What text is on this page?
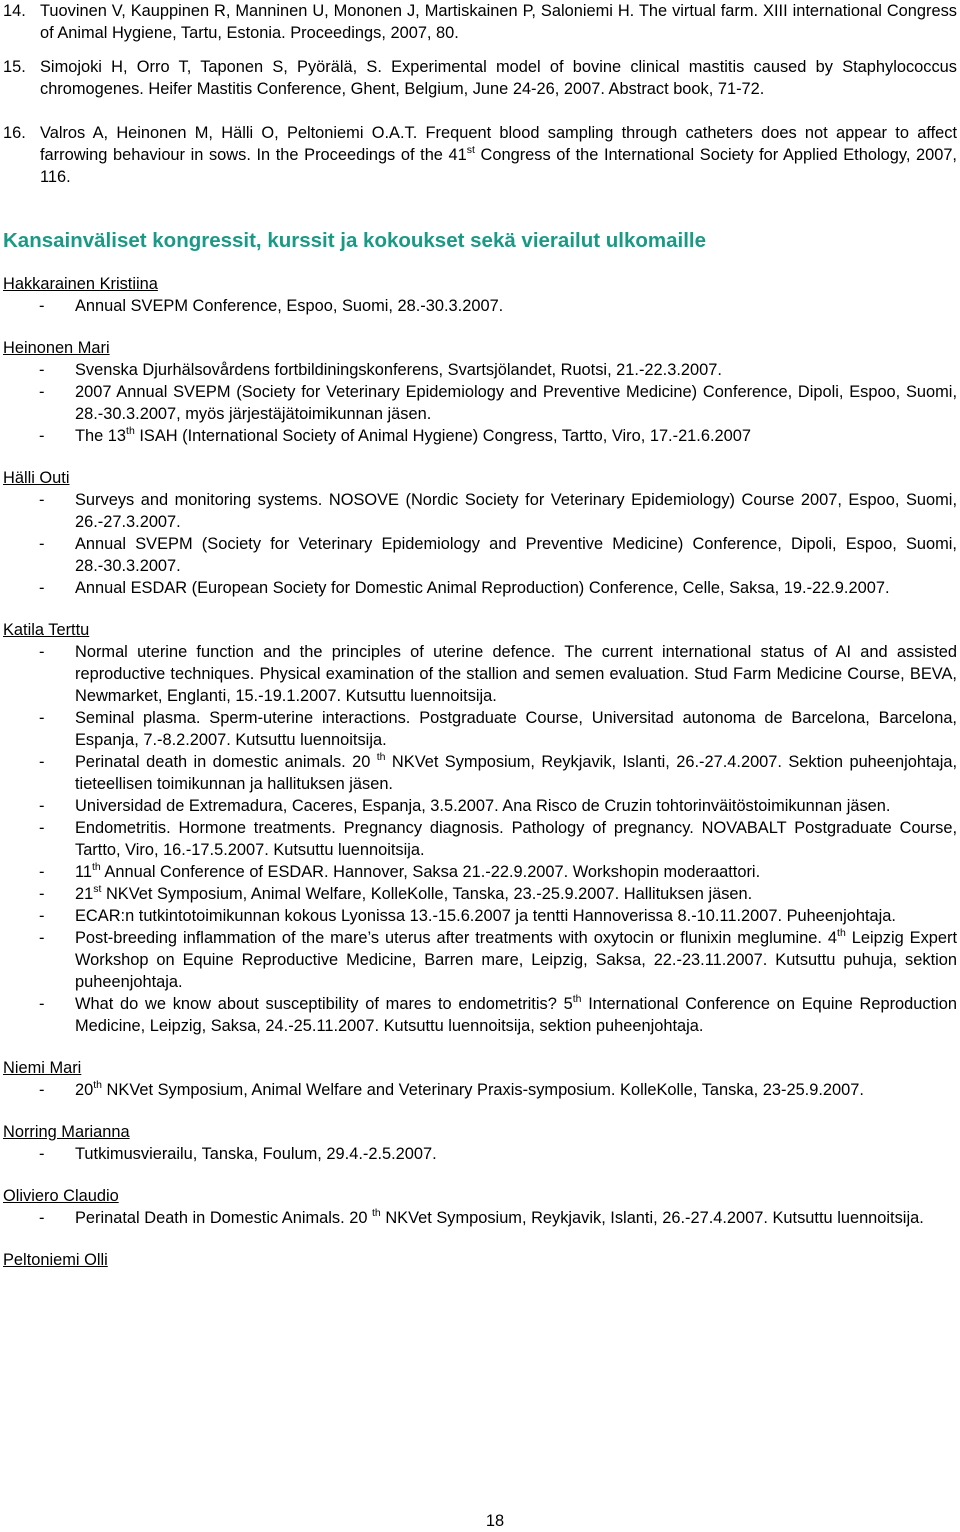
14. Tuovinen V, Kauppinen R, Manninen U, Mononen J, Martiskainen P, Saloniemi H. The virtual farm. XIII international Congress of Animal Hygiene, Tartu, Estonia. Proceedings, 2007, 80.
15. Simojoki H, Orro T, Taponen S, Pyörälä, S. Experimental model of bovine clinical mastitis caused by Staphylococcus chromogenes. Heifer Mastitis Conference, Ghent, Belgium, June 24-26, 2007. Abstract book, 71-72.
16. Valros A, Heinonen M, Hälli O, Peltoniemi O.A.T. Frequent blood sampling through catheters does not appear to affect farrowing behaviour in sows. In the Proceedings of the 41st Congress of the International Society for Applied Ethology, 2007, 116.
Kansainväliset kongressit, kurssit ja kokoukset sekä vierailut ulkomaille
Hakkarainen Kristiina
- Annual SVEPM Conference, Espoo, Suomi, 28.-30.3.2007.
Heinonen Mari
- Svenska Djurhälsovårdens fortbildiningskonferens, Svartsjölandet, Ruotsi, 21.-22.3.2007.
- 2007 Annual SVEPM (Society for Veterinary Epidemiology and Preventive Medicine) Conference, Dipoli, Espoo, Suomi, 28.-30.3.2007, myös järjestäjätoimikunnan jäsen.
- The 13th ISAH (International Society of Animal Hygiene) Congress, Tartto, Viro, 17.-21.6.2007
Hälli Outi
- Surveys and monitoring systems. NOSOVE (Nordic Society for Veterinary Epidemiology) Course 2007, Espoo, Suomi, 26.-27.3.2007.
- Annual SVEPM (Society for Veterinary Epidemiology and Preventive Medicine) Conference, Dipoli, Espoo, Suomi, 28.-30.3.2007.
- Annual ESDAR (European Society for Domestic Animal Reproduction) Conference, Celle, Saksa, 19.-22.9.2007.
Katila Terttu
- Normal uterine function and the principles of uterine defence. The current international status of AI and assisted reproductive techniques. Physical examination of the stallion and semen evaluation. Stud Farm Medicine Course, BEVA, Newmarket, Englanti, 15.-19.1.2007. Kutsuttu luennoitsija.
- Seminal plasma. Sperm-uterine interactions. Postgraduate Course, Universitad autonoma de Barcelona, Barcelona, Espanja, 7.-8.2.2007. Kutsuttu luennoitsija.
- Perinatal death in domestic animals. 20 $^{th}$ NKVet Symposium, Reykjavik, Islanti, 26.-27.4.2007. Sektion puheenjohtaja, tieteellisen toimikunnan ja hallituksen jäsen.
- Universidad de Extremadura, Caceres, Espanja, 3.5.2007. Ana Risco de Cruzin tohtorinväitöstoimikunnan jäsen.
- Endometritis. Hormone treatments. Pregnancy diagnosis. Pathology of pregnancy. NOVABALT Postgraduate Course, Tartto, Viro, 16.-17.5.2007. Kutsuttu luennoitsija.
- 11th Annual Conference of ESDAR. Hannover, Saksa 21.-22.9.2007. Workshopin moderaattori.
- 21st NKVet Symposium, Animal Welfare, KolleKolle, Tanska, 23.-25.9.2007. Hallituksen jäsen.
- ECAR:n tutkintotoimikunnan kokous Lyonissa 13.-15.6.2007 ja tentti Hannoverissa 8.-10.11.2007. Puheenjohtaja.
- Post-breeding inflammation of the mare’s uterus after treatments with oxytocin or flunixin meglumine. 4th Leipzig Expert Workshop on Equine Reproductive Medicine, Barren mare, Leipzig, Saksa, 22.-23.11.2007. Kutsuttu puhuja, sektion puheenjohtaja.
- What do we know about susceptibility of mares to endometritis? 5th International Conference on Equine Reproduction Medicine, Leipzig, Saksa, 24.-25.11.2007. Kutsuttu luennoitsija, sektion puheenjohtaja.
Niemi Mari
- 20th NKVet Symposium, Animal Welfare and Veterinary Praxis-symposium. KolleKolle, Tanska, 23-25.9.2007.
Norring Marianna
- Tutkimusvierailu, Tanska, Foulum, 29.4.-2.5.2007.
Oliviero Claudio
- Perinatal Death in Domestic Animals. 20 $^{th}$ NKVet Symposium, Reykjavik, Islanti, 26.-27.4.2007. Kutsuttu luennoitsija.
Peltoniemi Olli
18
